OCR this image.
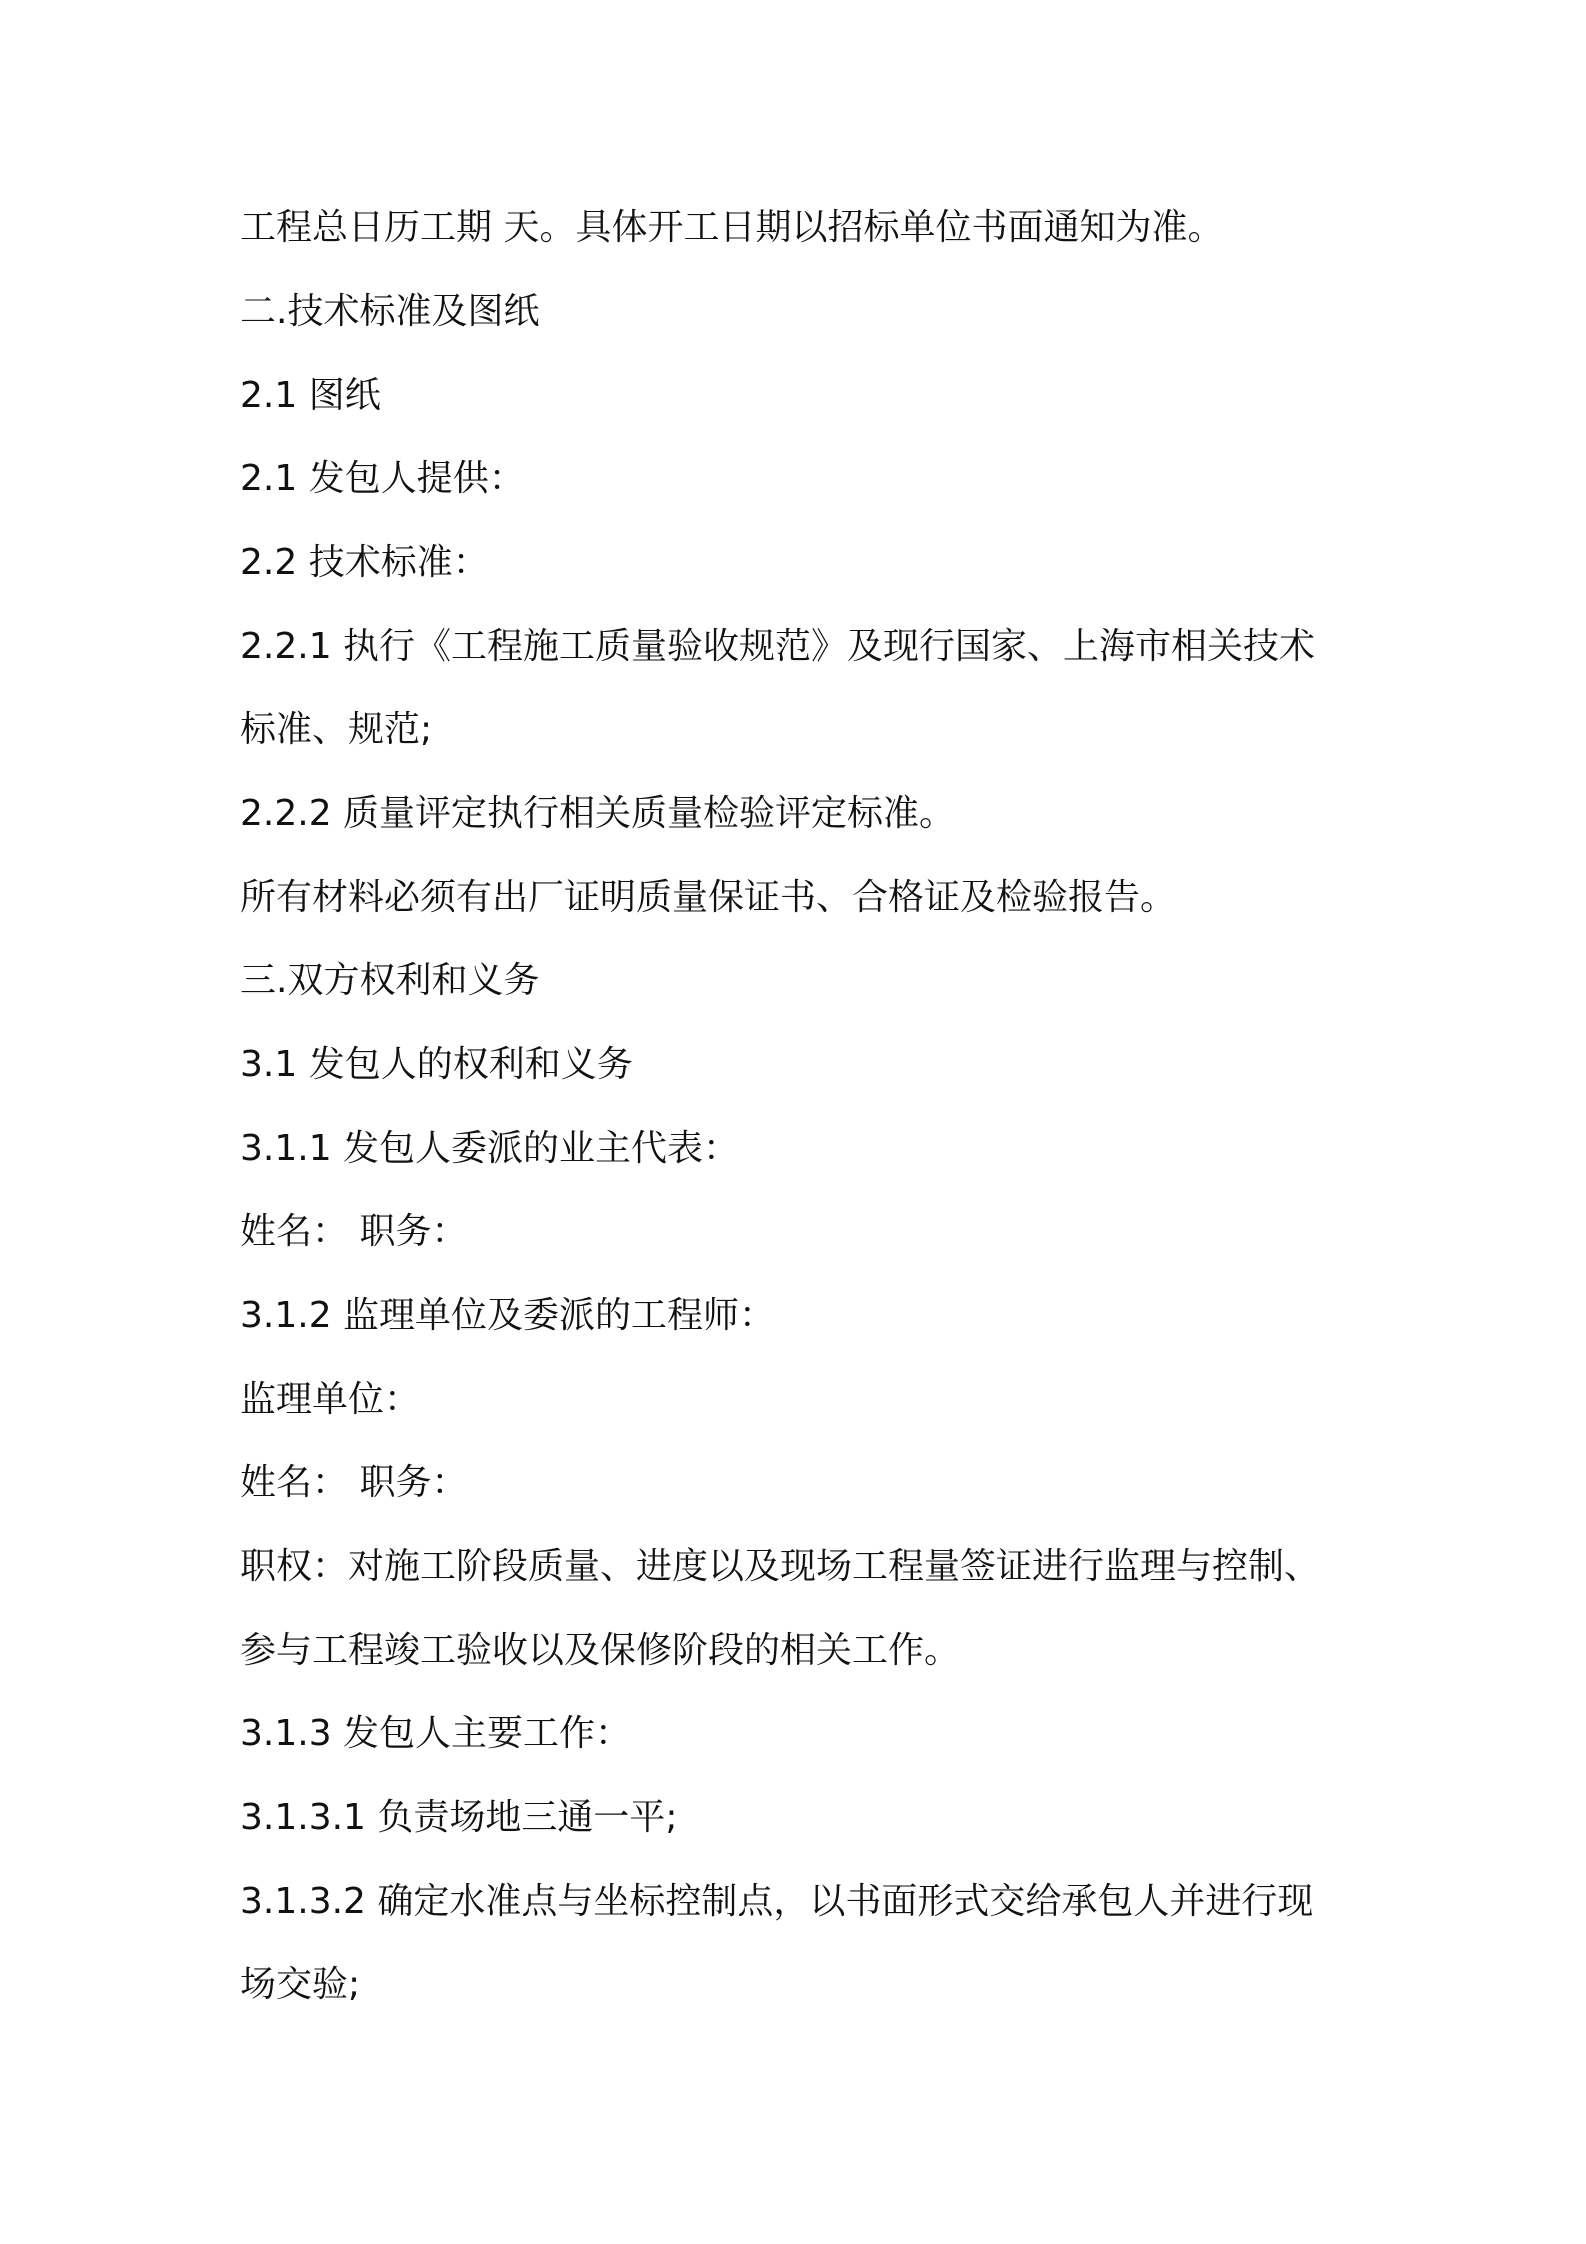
工程总日历工期 天。具体开工日期以招标单位书面通知为准。
二.技术标准及图纸
2.1 图纸
2.1 发包人提供：
2.2 技术标准：
2.2.1 执行《工程施工质量验收规范》及现行国家、上海市相关技术
标准、规范;
2.2.2 质量评定执行相关质量检验评定标准。
所有材料必须有出厂证明质量保证书、合格证及检验报告。
三.双方权利和义务
3.1 发包人的权利和义务
3.1.1 发包人委派的业主代表：
姓名： 职务：
3.1.2 监理单位及委派的工程师：
监理单位：
姓名： 职务：
职权：对施工阶段质量、进度以及现场工程量签证进行监理与控制、
参与工程竣工验收以及保修阶段的相关工作。
3.1.3 发包人主要工作：
3.1.3.1 负责场地三通一平;
3.1.3.2 确定水准点与坐标控制点，以书面形式交给承包人并进行现
场交验;
